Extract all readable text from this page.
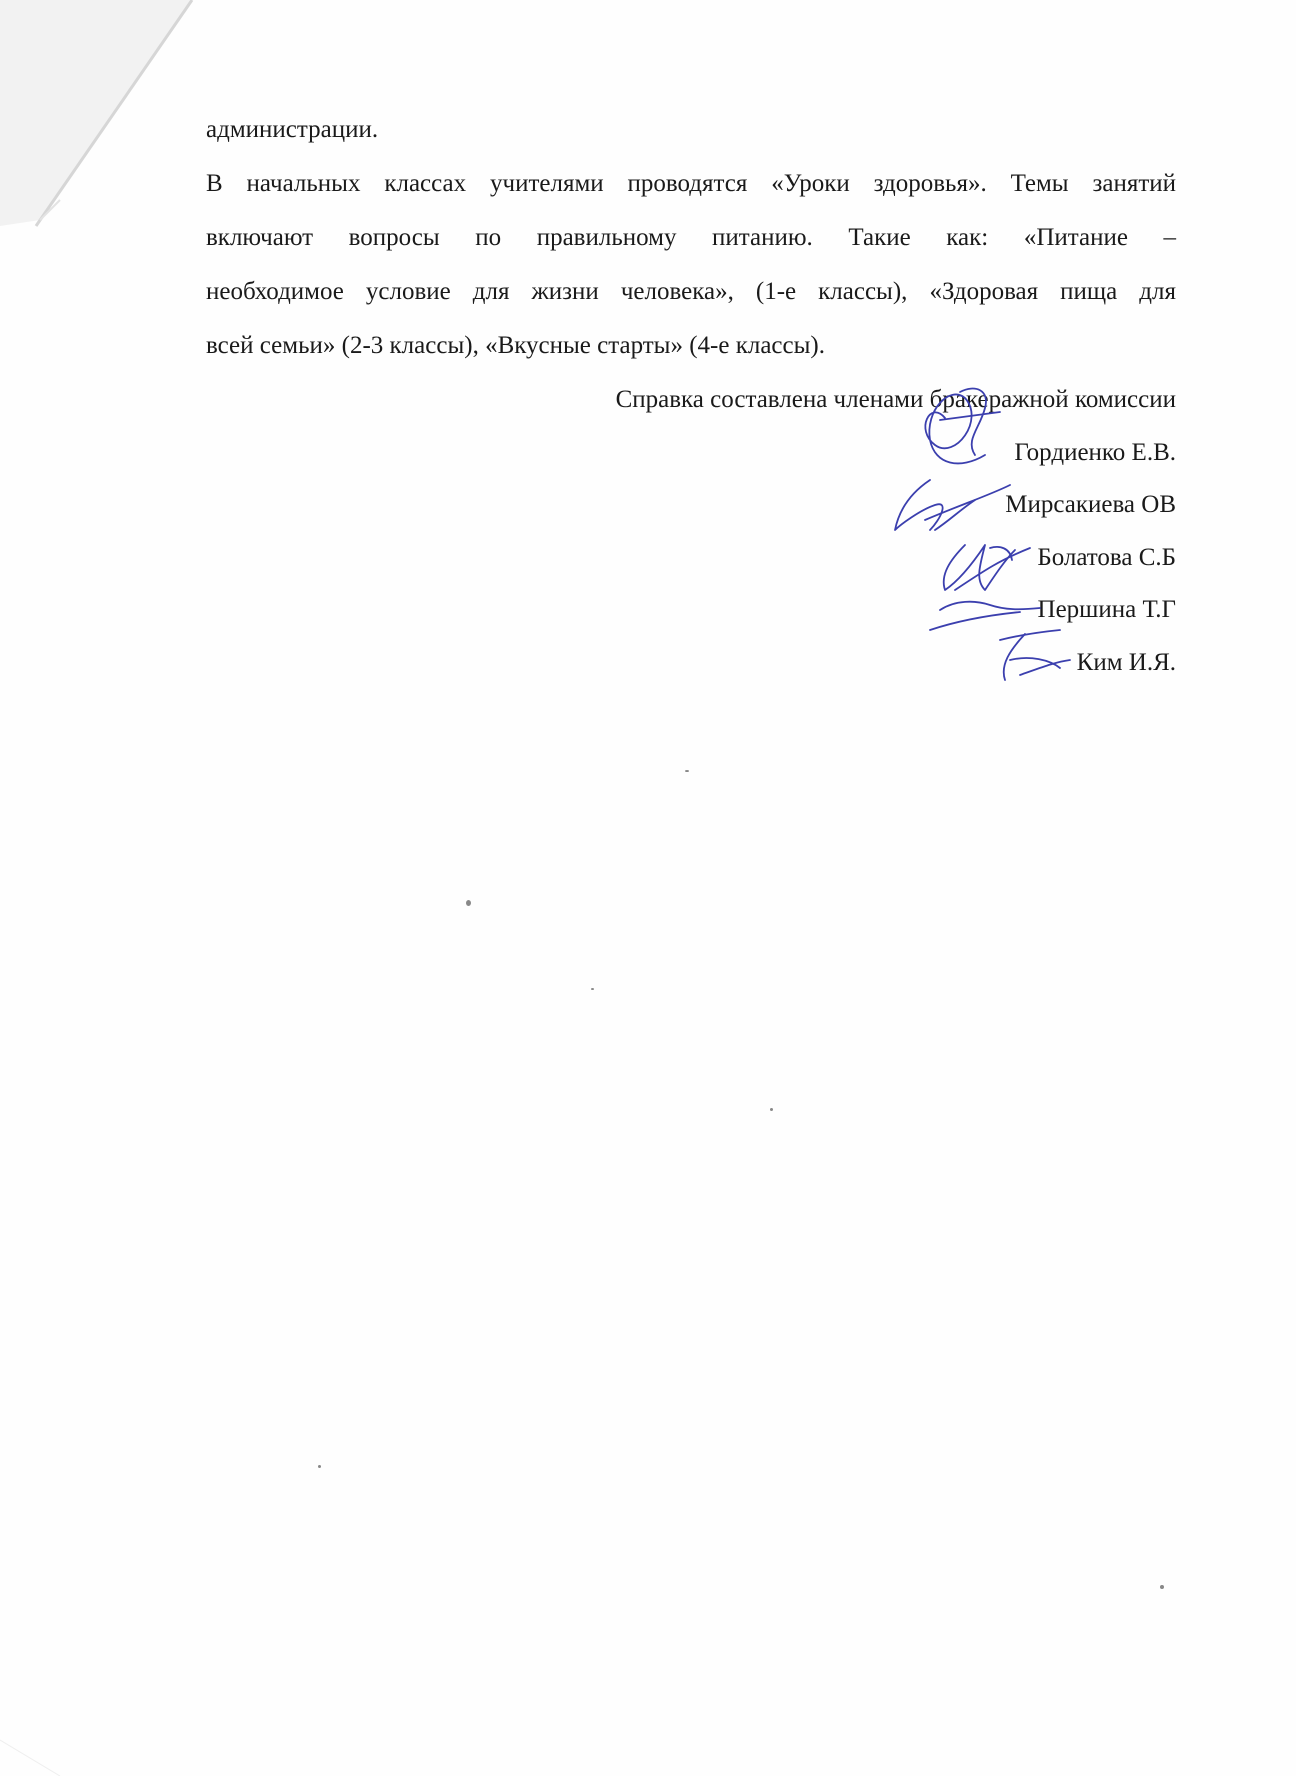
администрации.
В начальных классах учителями проводятся «Уроки здоровья». Темы занятий
включают вопросы по правильному питанию. Такие как: «Питание –
необходимое условие для жизни человека», (1-е классы), «Здоровая пища для
всей семьи» (2-3 классы), «Вкусные старты» (4-е классы).
Справка составлена членами бракеражной комиссии
Гордиенко Е.В.
Мирсакиева ОВ
Болатова С.Б
Першина Т.Г
Ким И.Я.
